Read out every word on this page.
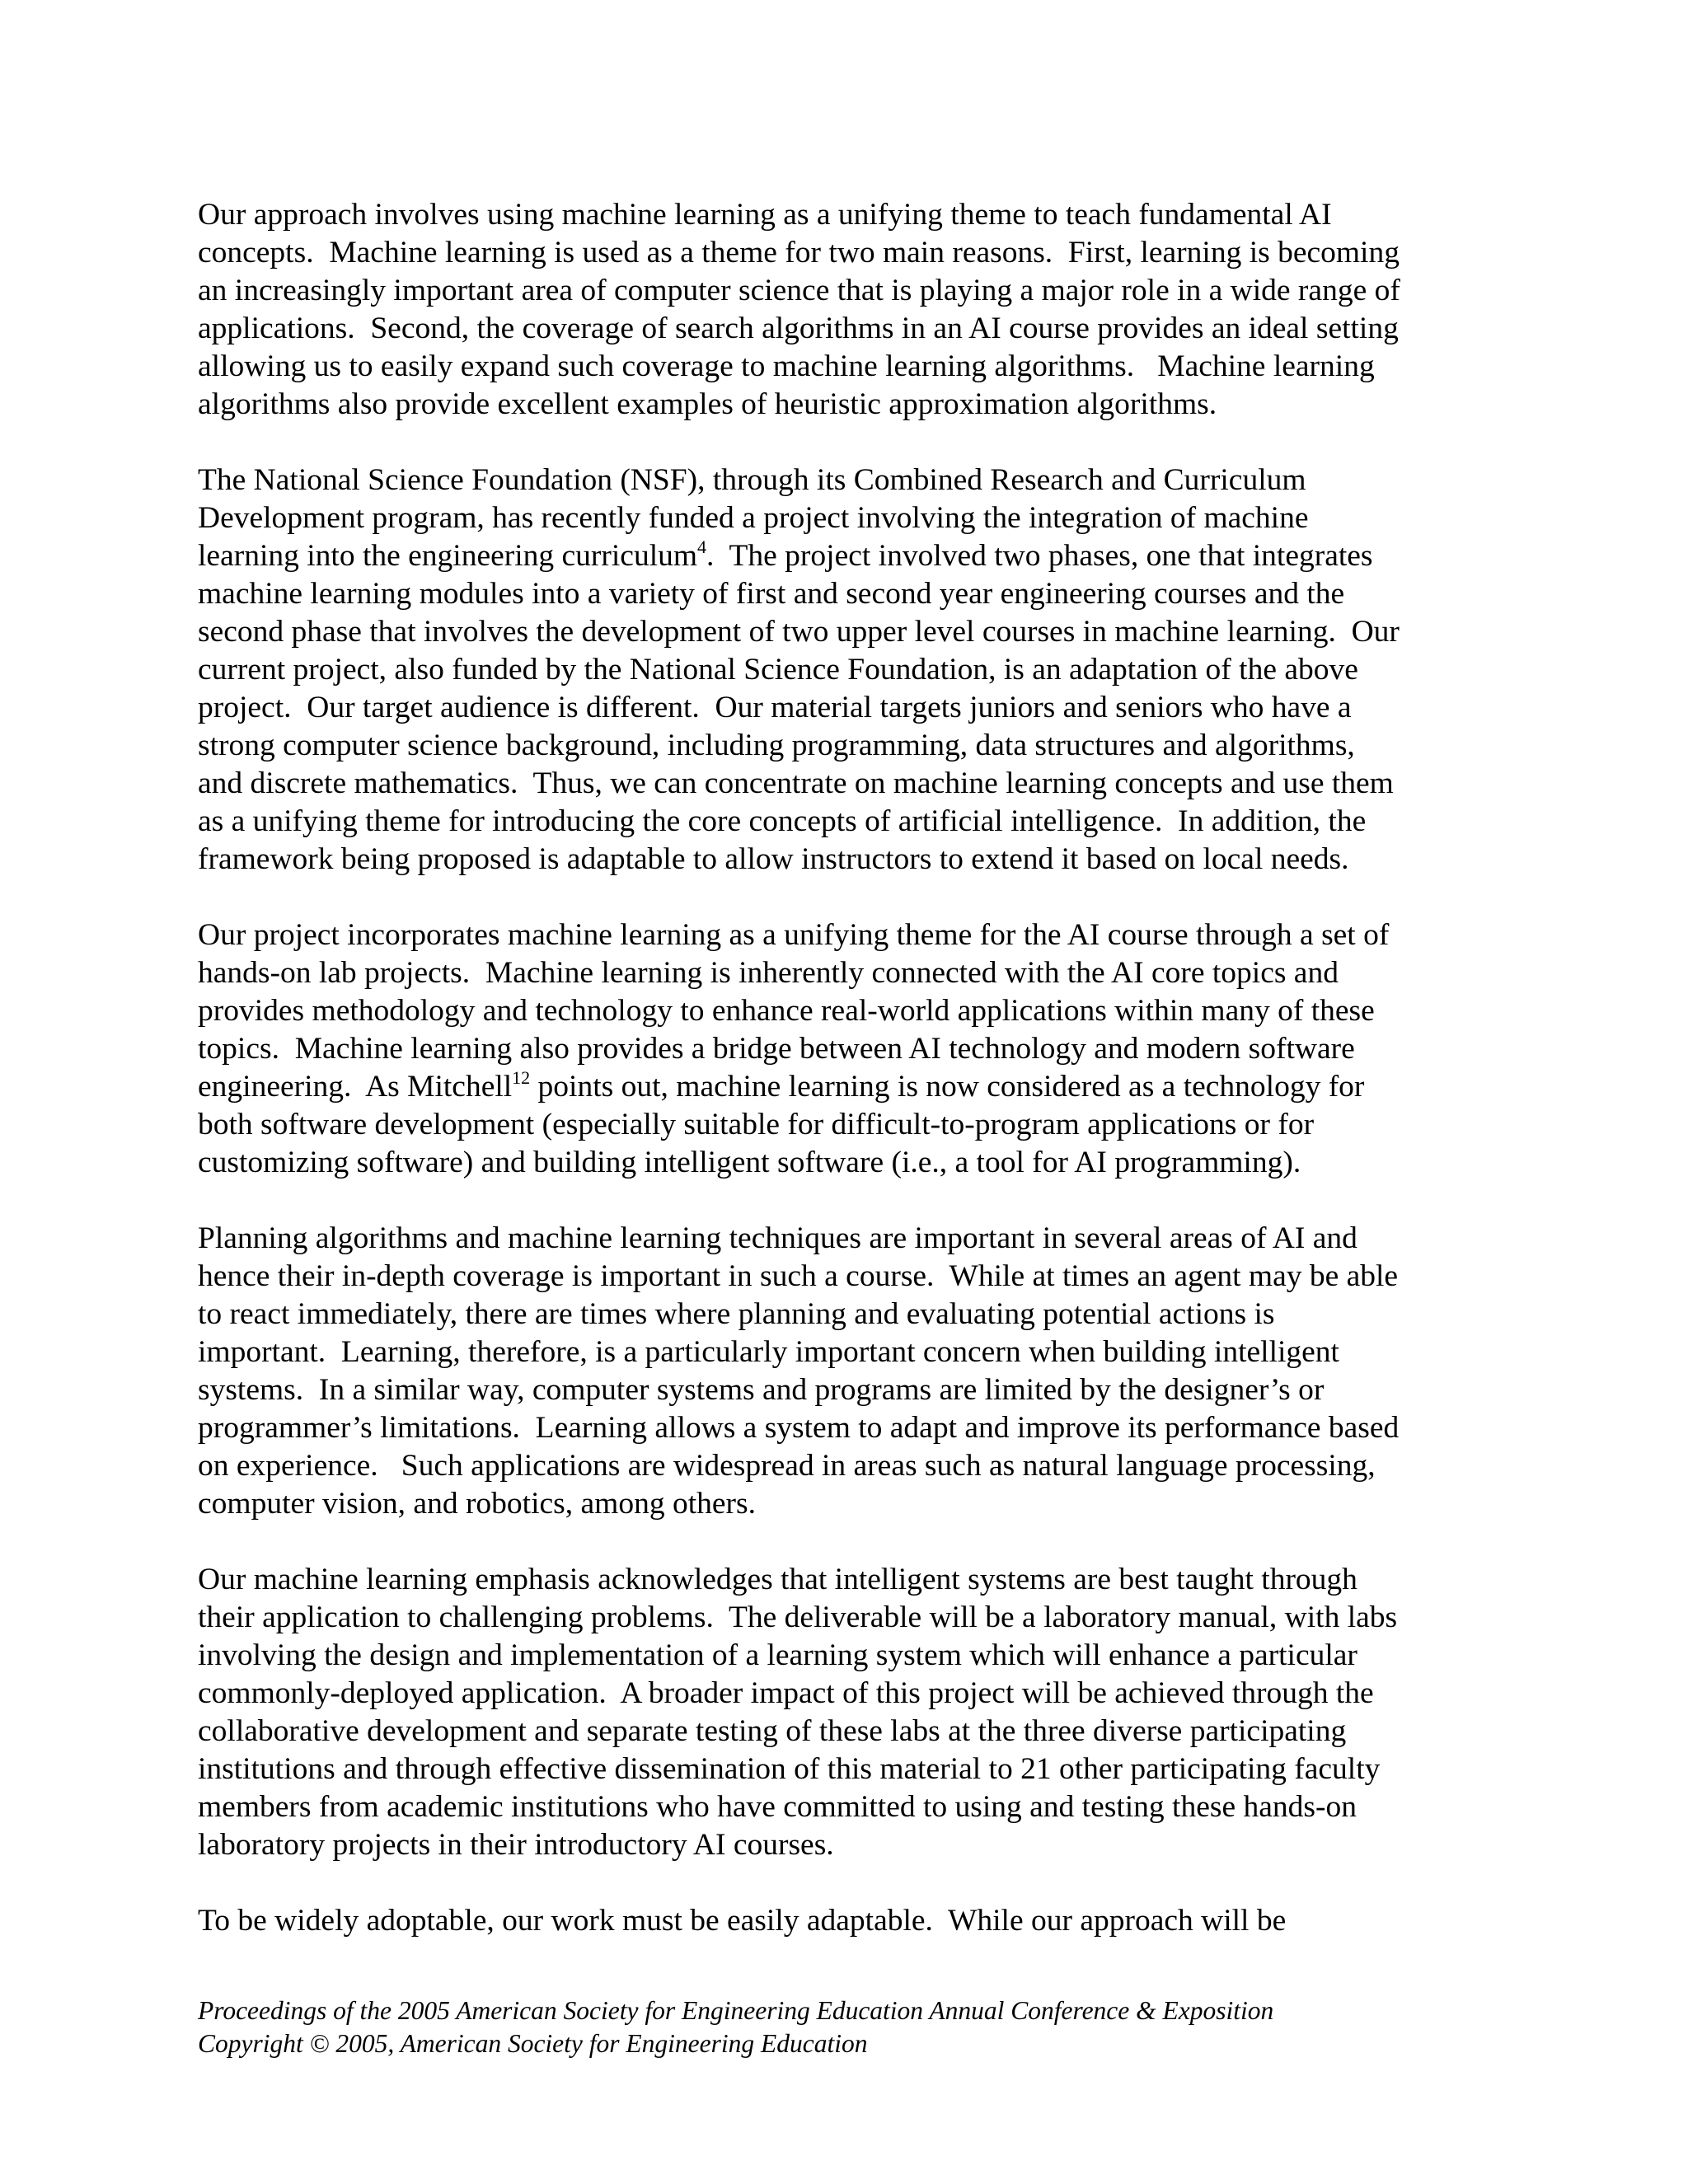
Our approach involves using machine learning as a unifying theme to teach fundamental AI
concepts.  Machine learning is used as a theme for two main reasons.  First, learning is becoming
an increasingly important area of computer science that is playing a major role in a wide range of
applications.  Second, the coverage of search algorithms in an AI course provides an ideal setting
allowing us to easily expand such coverage to machine learning algorithms.   Machine learning
algorithms also provide excellent examples of heuristic approximation algorithms.

The National Science Foundation (NSF), through its Combined Research and Curriculum
Development program, has recently funded a project involving the integration of machine
learning into the engineering curriculum$^4$.  The project involved two phases, one that integrates
machine learning modules into a variety of first and second year engineering courses and the
second phase that involves the development of two upper level courses in machine learning.  Our
current project, also funded by the National Science Foundation, is an adaptation of the above
project.  Our target audience is different.  Our material targets juniors and seniors who have a
strong computer science background, including programming, data structures and algorithms,
and discrete mathematics.  Thus, we can concentrate on machine learning concepts and use them
as a unifying theme for introducing the core concepts of artificial intelligence.  In addition, the
framework being proposed is adaptable to allow instructors to extend it based on local needs.

Our project incorporates machine learning as a unifying theme for the AI course through a set of
hands-on lab projects.  Machine learning is inherently connected with the AI core topics and
provides methodology and technology to enhance real-world applications within many of these
topics.  Machine learning also provides a bridge between AI technology and modern software
engineering.  As Mitchell$^{12}$ points out, machine learning is now considered as a technology for
both software development (especially suitable for difficult-to-program applications or for
customizing software) and building intelligent software (i.e., a tool for AI programming).

Planning algorithms and machine learning techniques are important in several areas of AI and
hence their in-depth coverage is important in such a course.  While at times an agent may be able
to react immediately, there are times where planning and evaluating potential actions is
important.  Learning, therefore, is a particularly important concern when building intelligent
systems.  In a similar way, computer systems and programs are limited by the designer’s or
programmer’s limitations.  Learning allows a system to adapt and improve its performance based
on experience.   Such applications are widespread in areas such as natural language processing,
computer vision, and robotics, among others.

Our machine learning emphasis acknowledges that intelligent systems are best taught through
their application to challenging problems.  The deliverable will be a laboratory manual, with labs
involving the design and implementation of a learning system which will enhance a particular
commonly-deployed application.  A broader impact of this project will be achieved through the
collaborative development and separate testing of these labs at the three diverse participating
institutions and through effective dissemination of this material to 21 other participating faculty
members from academic institutions who have committed to using and testing these hands-on
laboratory projects in their introductory AI courses.

To be widely adoptable, our work must be easily adaptable.  While our approach will be

Proceedings of the 2005 American Society for Engineering Education Annual Conference & Exposition
Copyright © 2005, American Society for Engineering Education
